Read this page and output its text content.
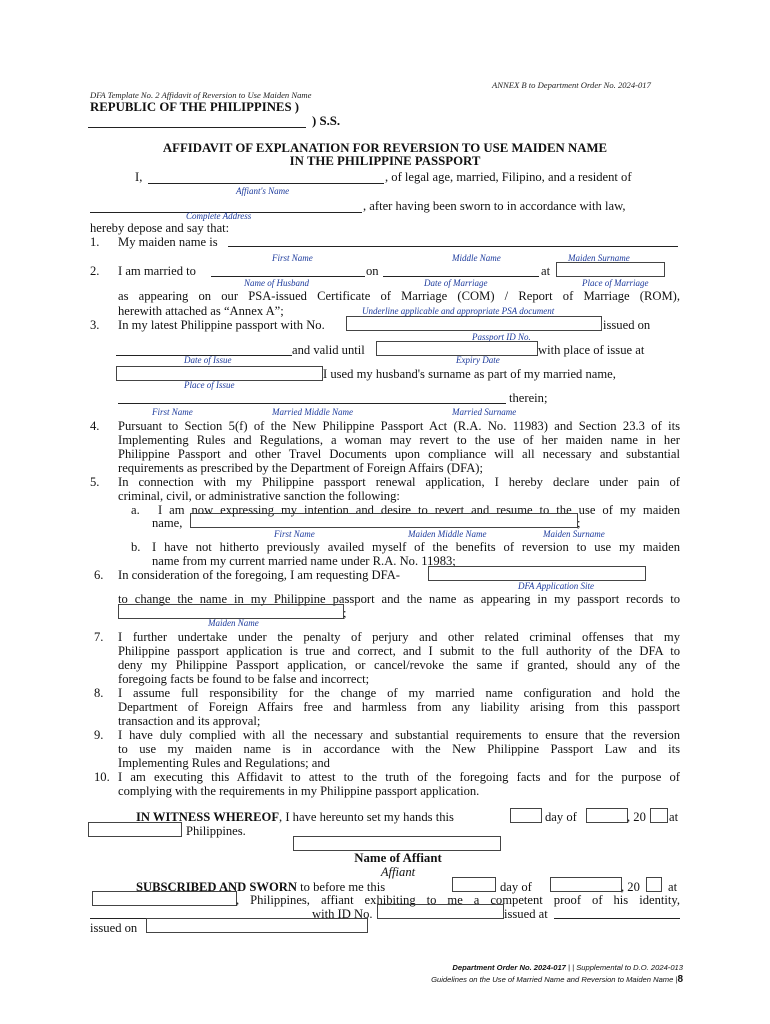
ANNEX B to Department Order No. 2024-017
DFA Template No. 2 Affidavit of Reversion to Use Maiden Name
REPUBLIC OF THE PHILIPPINES )
) S.S.
AFFIDAVIT OF EXPLANATION FOR REVERSION TO USE MAIDEN NAME
IN THE PHILIPPINE PASSPORT
I,	, of legal age, married, Filipino, and a resident of
Affiant's Name
, after having been sworn to in accordance with law,
Complete Address
hereby depose and say that:
1. My maiden name is
First Name	Middle Name	Maiden Surname
2. I am married to	on	at
Name of Husband	Date of Marriage	Place of Marriage
as appearing on our PSA-issued Certificate of Marriage (COM) / Report of Marriage (ROM),
herewith attached as “Annex A”;	Underline applicable and appropriate PSA document
3. In my latest Philippine passport with No.	issued on
Passport ID No.
and valid until	with place of issue at
Date of Issue	Expiry Date
I used my husband's surname as part of my married name,
Place of Issue
therein;
First Name	Married Middle Name	Married Surname
4. Pursuant to Section 5(f) of the New Philippine Passport Act (R.A. No. 11983) and Section 23.3 of its
Implementing Rules and Regulations, a woman may revert to the use of her maiden name in her
Philippine Passport and other Travel Documents upon compliance will all necessary and substantial
requirements as prescribed by the Department of Foreign Affairs (DFA);
5. In connection with my Philippine passport renewal application, I hereby declare under pain of
criminal, civil, or administrative sanction the following:
a. I am now expressing my intention and desire to revert and resume to the use of my maiden
name,	;
First Name	Maiden Middle Name	Maiden Surname
b. I have not hitherto previously availed myself of the benefits of reversion to use my maiden
name from my current married name under R.A. No. 11983;
6. In consideration of the foregoing, I am requesting DFA-
DFA Application Site
to change the name in my Philippine passport and the name as appearing in my passport records to
;
Maiden Name
7. I further undertake under the penalty of perjury and other related criminal offenses that my
Philippine passport application is true and correct, and I submit to the full authority of the DFA to
deny my Philippine Passport application, or cancel/revoke the same if granted, should any of the
foregoing facts be found to be false and incorrect;
8. I assume full responsibility for the change of my married name configuration and hold the
Department of Foreign Affairs free and harmless from any liability arising from this passport
transaction and its approval;
9. I have duly complied with all the necessary and substantial requirements to ensure that the reversion
to use my maiden name is in accordance with the New Philippine Passport Law and its
Implementing Rules and Regulations; and
10. I am executing this Affidavit to attest to the truth of the foregoing facts and for the purpose of
complying with the requirements in my Philippine passport application.
IN WITNESS WHEREOF, I have hereunto set my hands this	day of	, 20 at
Philippines.
Name of Affiant
Affiant
SUBSCRIBED AND SWORN to before me this	day of	, 20 at
, Philippines, affiant exhibiting to me a competent proof of his identity,
with ID No.	issued at
issued on
Department Order No. 2024-017 | | Supplemental to D.O. 2024-013
Guidelines on the Use of Married Name and Reversion to Maiden Name |8
